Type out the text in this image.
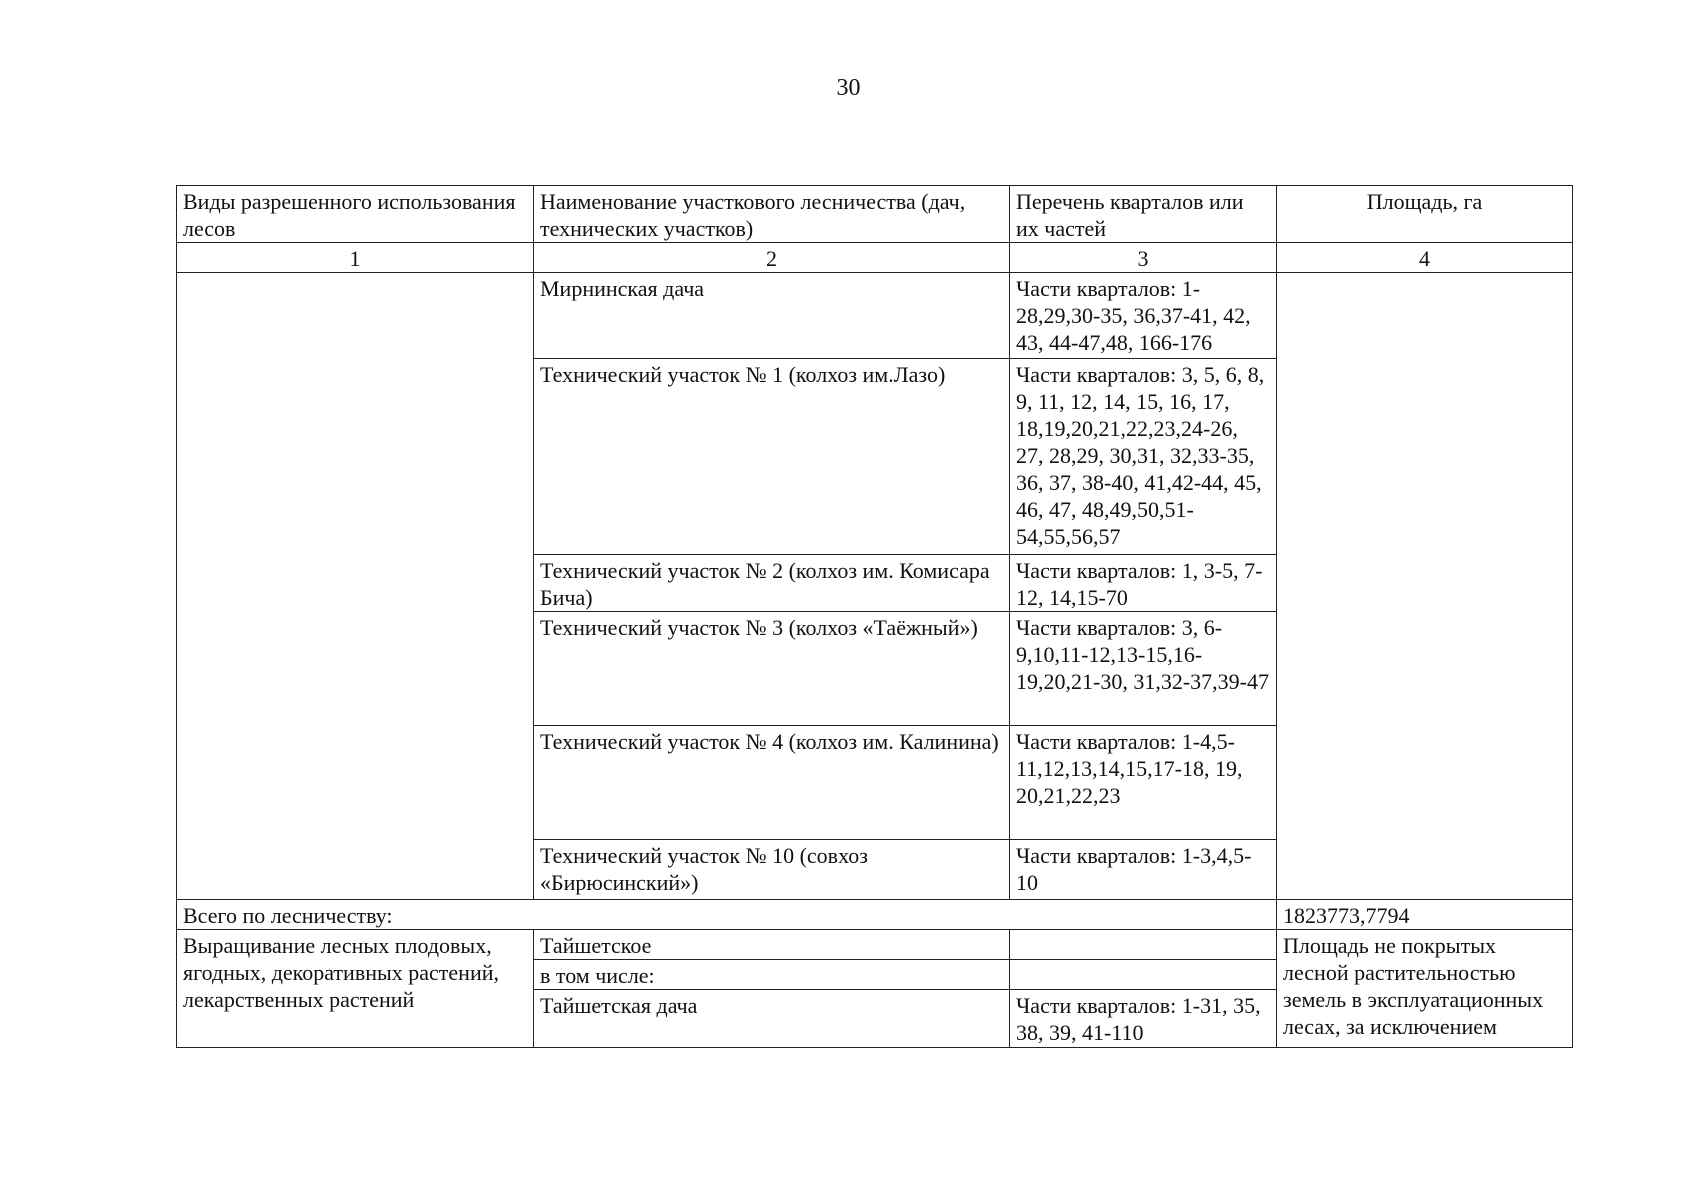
30
Виды разрешенного использования лесов	Наименование участкового лесничества (дач, технических участков)	Перечень кварталов или их частей	Площадь, га

1	2	3	4
	Мирнинская дача	Части кварталов: 1-28,29,30-35, 36,37-41, 42, 43, 44-47,48, 166-176	
	Технический участок № 1 (колхоз им.Лазо)	Части кварталов: 3, 5, 6, 8, 9, 11, 12, 14, 15, 16, 17, 18,19,20,21,22,23,24-26, 27, 28,29, 30,31, 32,33-35, 36, 37, 38-40, 41,42-44, 45, 46, 47, 48,49,50,51-54,55,56,57	
	Технический участок № 2 (колхоз им. Комисара Бича)	Части кварталов: 1, 3-5, 7-12, 14,15-70	
	Технический участок № 3 (колхоз «Таёжный»)	Части кварталов: 3, 6-9,10,11-12,13-15,16-19,20,21-30, 31,32-37,39-47	
	Технический участок № 4 (колхоз им. Калинина)	Части кварталов: 1-4,5-11,12,13,14,15,17-18, 19, 20,21,22,23	
	Технический участок № 10 (совхоз «Бирюсинский»)	Части кварталов: 1-3,4,5-10	
Всего по лесничеству:			1823773,7794
Выращивание лесных плодовых, ягодных, декоративных растений, лекарственных растений	Тайшетское		Площадь не покрытых лесной растительностью земель в эксплуатационных лесах, за исключением
	в том числе:		
	Тайшетская дача	Части кварталов: 1-31, 35, 38, 39, 41-110	
